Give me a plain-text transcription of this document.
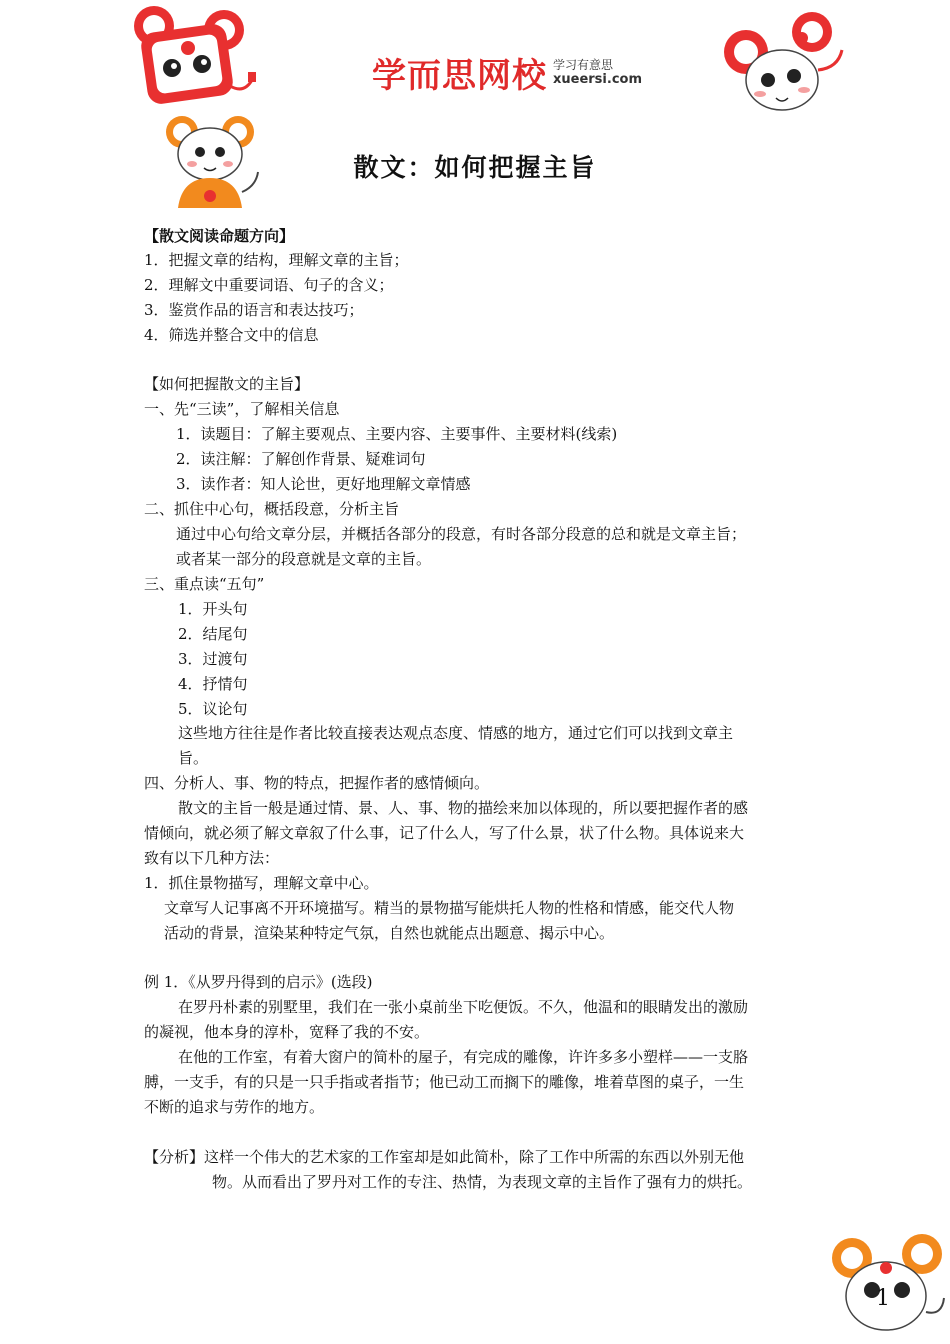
学而思网校 学习有意思
xueersi.com
散文：如何把握主旨
【散文阅读命题方向】
1．把握文章的结构，理解文章的主旨；
2．理解文中重要词语、句子的含义；
3．鉴赏作品的语言和表达技巧；
4．筛选并整合文中的信息
【如何把握散文的主旨】
一、先“三读”，了解相关信息
1．读题目：了解主要观点、主要内容、主要事件、主要材料(线索)
2．读注解：了解创作背景、疑难词句
3．读作者：知人论世，更好地理解文章情感
二、抓住中心句，概括段意，分析主旨
通过中心句给文章分层，并概括各部分的段意，有时各部分段意的总和就是文章主旨；
或者某一部分的段意就是文章的主旨。
三、重点读“五句”
1．开头句
2．结尾句
3．过渡句
4．抒情句
5．议论句
这些地方往往是作者比较直接表达观点态度、情感的地方，通过它们可以找到文章主
旨。
四、分析人、事、物的特点，把握作者的感情倾向。
散文的主旨一般是通过情、景、人、事、物的描绘来加以体现的，所以要把握作者的感
情倾向，就必须了解文章叙了什么事，记了什么人，写了什么景，状了什么物。具体说来大
致有以下几种方法：
1．抓住景物描写，理解文章中心。
文章写人记事离不开环境描写。精当的景物描写能烘托人物的性格和情感，能交代人物
活动的背景，渲染某种特定气氛，自然也就能点出题意、揭示中心。
例 1．《从罗丹得到的启示》(选段)
在罗丹朴素的别墅里，我们在一张小桌前坐下吃便饭。不久，他温和的眼睛发出的激励
的凝视，他本身的淳朴，宽释了我的不安。
在他的工作室，有着大窗户的简朴的屋子，有完成的雕像，许许多多小塑样——一支胳
膊，一支手，有的只是一只手指或者指节；他已动工而搁下的雕像，堆着草图的桌子，一生
不断的追求与劳作的地方。
【分析】这样一个伟大的艺术家的工作室却是如此简朴，除了工作中所需的东西以外别无他
物。从而看出了罗丹对工作的专注、热情，为表现文章的主旨作了强有力的烘托。
1
